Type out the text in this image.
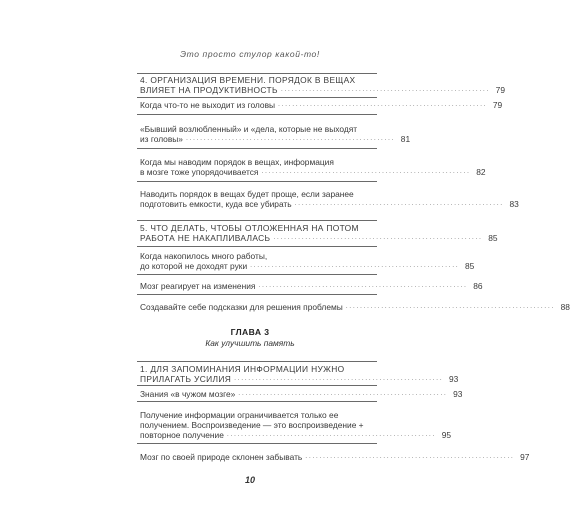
Это просто стулор какой-то!
4. ОРГАНИЗАЦИЯ ВРЕМЕНИ. ПОРЯДОК В ВЕЩАХ
ВЛИЯЕТ НА ПРОДУКТИВНОСТЬ ........................................................... 79
Когда что-то не выходит из головы ........................................................... 79
«Бывший возлюбленный» и «дела, которые не выходят
из головы» ........................................................... 81
Когда мы наводим порядок в вещах, информация
в мозге тоже упорядочивается ........................................................... 82
Наводить порядок в вещах будет проще, если заранее
подготовить емкости, куда все убирать ........................................................... 83
5. ЧТО ДЕЛАТЬ, ЧТОБЫ ОТЛОЖЕННАЯ НА ПОТОМ
РАБОТА НЕ НАКАПЛИВАЛАСЬ ........................................................... 85
Когда накопилось много работы,
до которой не доходят руки ........................................................... 85
Мозг реагирует на изменения ........................................................... 86
Создавайте себе подсказки для решения проблемы ........................................................... 88
ГЛАВА 3
Как улучшить память
1. ДЛЯ ЗАПОМИНАНИЯ ИНФОРМАЦИИ НУЖНО
ПРИЛАГАТЬ УСИЛИЯ ........................................................... 93
Знания «в чужом мозге» ........................................................... 93
Получение информации ограничивается только ее
получением. Воспроизведение — это воспроизведение +
повторное получение ........................................................... 95
Мозг по своей природе склонен забывать ........................................................... 97
10
